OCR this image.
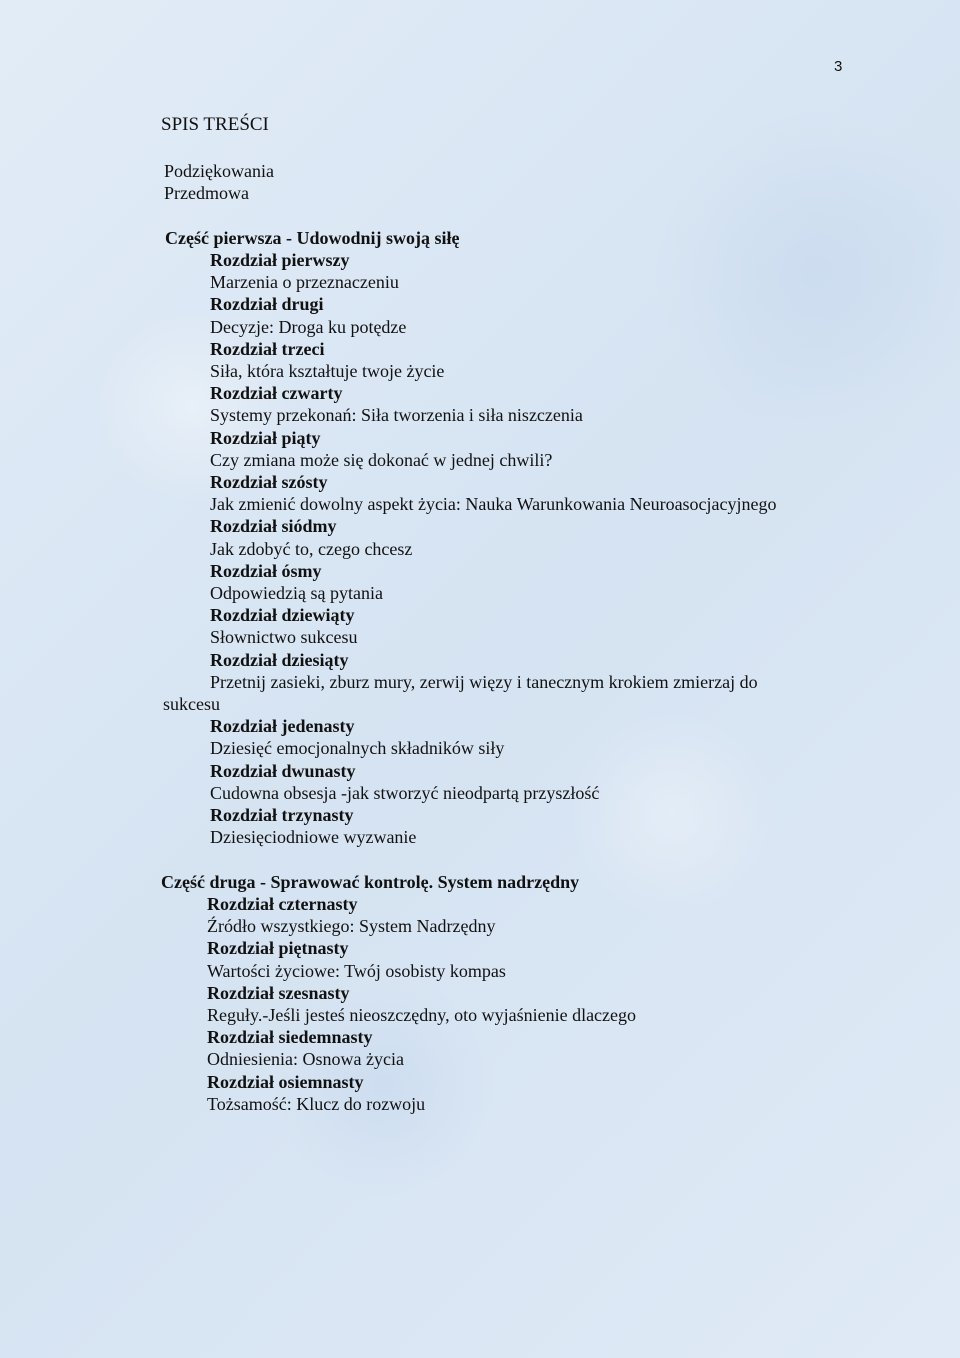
3
SPIS TREŚCI
Podziękowania
Przedmowa
Część pierwsza - Udowodnij swoją siłę
Rozdział pierwszy
Marzenia o przeznaczeniu
Rozdział drugi
Decyzje: Droga ku potędze
Rozdział trzeci
Siła, która kształtuje twoje życie
Rozdział czwarty
Systemy przekonań: Siła tworzenia i siła niszczenia
Rozdział piąty
Czy zmiana może się dokonać w jednej chwili?
Rozdział szósty
Jak zmienić dowolny aspekt życia: Nauka Warunkowania Neuroasocjacyjnego
Rozdział siódmy
Jak zdobyć to, czego chcesz
Rozdział ósmy
Odpowiedzią są pytania
Rozdział dziewiąty
Słownictwo sukcesu
Rozdział dziesiąty
Przetnij zasieki, zburz mury, zerwij więzy i tanecznym krokiem zmierzaj do
sukcesu
Rozdział jedenasty
Dziesięć emocjonalnych składników siły
Rozdział dwunasty
Cudowna obsesja -jak stworzyć nieodpartą przyszłość
Rozdział trzynasty
Dziesięciodniowe wyzwanie
Część druga - Sprawować kontrolę. System nadrzędny
Rozdział czternasty
Źródło wszystkiego: System Nadrzędny
Rozdział piętnasty
Wartości życiowe: Twój osobisty kompas
Rozdział szesnasty
Reguły.-Jeśli jesteś nieoszczędny, oto wyjaśnienie dlaczego
Rozdział siedemnasty
Odniesienia: Osnowa życia
Rozdział osiemnasty
Tożsamość: Klucz do rozwoju
